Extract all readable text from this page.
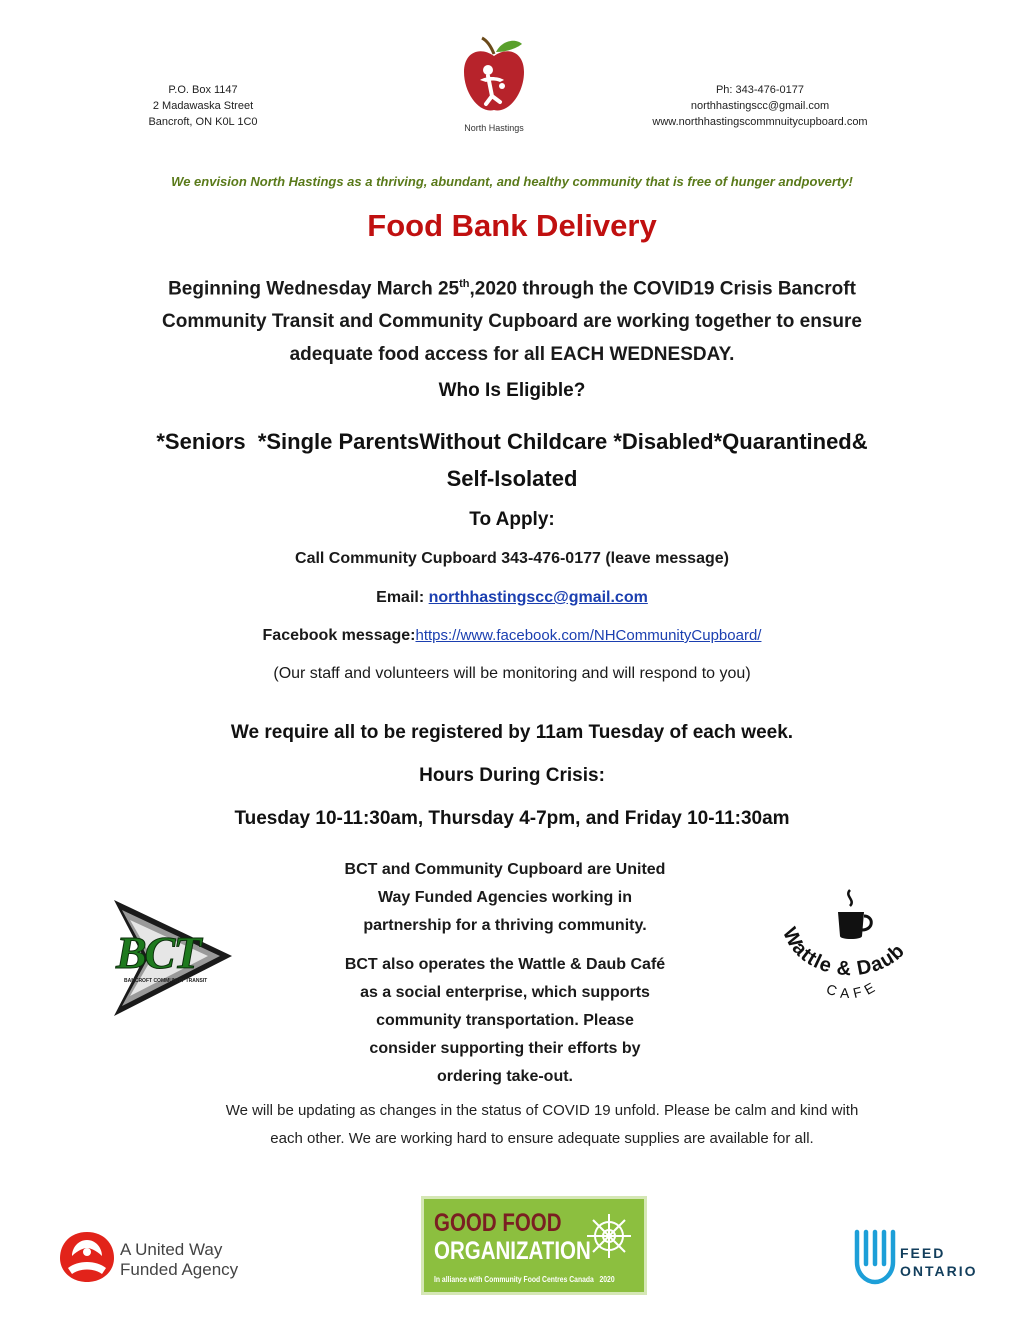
P.O. Box 1147
2 Madawaska Street
Bancroft, ON K0L 1C0	North Hastings
Ph: 343-476-0177
northhastingscc@gmail.com
www.northhastingscommnuitycupboard.com
We envision North Hastings as a thriving, abundant, and healthy community that is free of hunger andpoverty!
Food Bank Delivery
Beginning Wednesday March 25th,2020 through the COVID19 Crisis Bancroft
Community Transit and Community Cupboard are working together to ensure
adequate food access for all EACH WEDNESDAY.
Who Is Eligible?
*Seniors  *Single ParentsWithout Childcare *Disabled*Quarantined&
Self-Isolated
To Apply:
Call Community Cupboard 343-476-0177 (leave message)
Email: northhastingscc@gmail.com
Facebook message:https://www.facebook.com/NHCommunityCupboard/
(Our staff and volunteers will be monitoring and will respond to you)
We require all to be registered by 11am Tuesday of each week.
Hours During Crisis:
Tuesday 10-11:30am, Thursday 4-7pm, and Friday 10-11:30am
BCT
BANCROFT COMMUNITY TRANSIT
BCT and Community Cupboard are United
Way Funded Agencies working in
partnership for a thriving community.
BCT also operates the Wattle & Daub Café
as a social enterprise, which supports
community transportation. Please
consider supporting their efforts by
ordering take-out.
Wattle & Daub
CAFE
We will be updating as changes in the status of COVID 19 unfold. Please be calm and kind with
each other. We are working hard to ensure adequate supplies are available for all.
A United Way
Funded Agency
GOOD FOOD
ORGANIZATION
In alliance with Community Food Centres Canada   2020
FEED
ONTARIO
